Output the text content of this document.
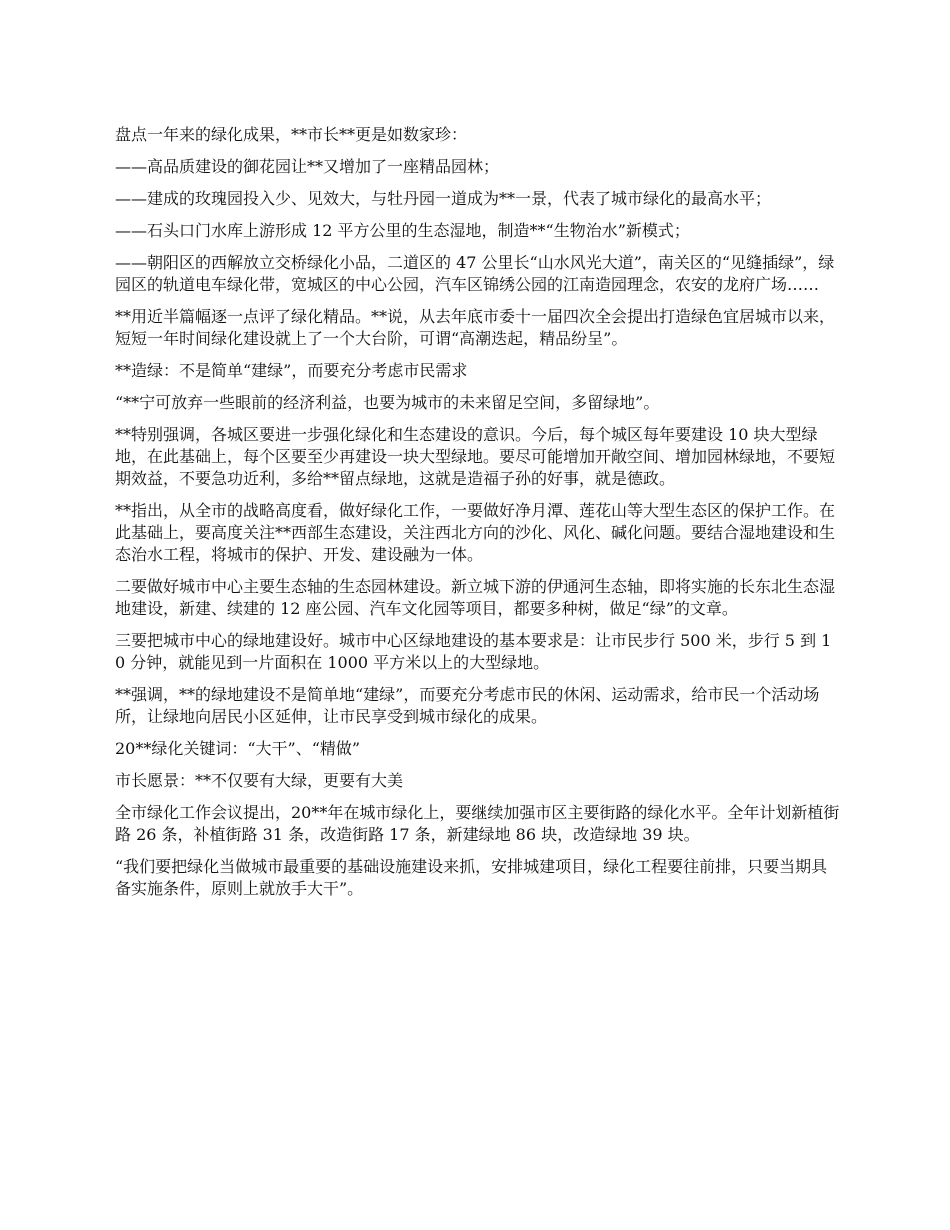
盘点一年来的绿化成果，**市长**更是如数家珍：

——高品质建设的御花园让**又增加了一座精品园林；

——建成的玫瑰园投入少、见效大，与牡丹园一道成为**一景，代表了城市绿化的最高水平；

——石头口门水库上游形成 12 平方公里的生态湿地，制造**“生物治水”新模式；

——朝阳区的西解放立交桥绿化小品，二道区的 47 公里长“山水风光大道”，南关区的“见缝插绿”，绿园区的轨道电车绿化带，宽城区的中心公园，汽车区锦绣公园的江南造园理念，农安的龙府广场……

**用近半篇幅逐一点评了绿化精品。**说，从去年底市委十一届四次全会提出打造绿色宜居城市以来，短短一年时间绿化建设就上了一个大台阶，可谓“高潮迭起，精品纷呈”。

**造绿：不是简单“建绿”，而要充分考虑市民需求

“**宁可放弃一些眼前的经济利益，也要为城市的未来留足空间，多留绿地”。

**特别强调，各城区要进一步强化绿化和生态建设的意识。今后，每个城区每年要建设 10 块大型绿地，在此基础上，每个区要至少再建设一块大型绿地。要尽可能增加开敞空间、增加园林绿地，不要短期效益，不要急功近利，多给**留点绿地，这就是造福子孙的好事，就是德政。

**指出，从全市的战略高度看，做好绿化工作，一要做好净月潭、莲花山等大型生态区的保护工作。在此基础上，要高度关注**西部生态建设，关注西北方向的沙化、风化、碱化问题。要结合湿地建设和生态治水工程，将城市的保护、开发、建设融为一体。

二要做好城市中心主要生态轴的生态园林建设。新立城下游的伊通河生态轴，即将实施的长东北生态湿地建设，新建、续建的 12 座公园、汽车文化园等项目，都要多种树，做足“绿”的文章。

三要把城市中心的绿地建设好。城市中心区绿地建设的基本要求是：让市民步行 500 米，步行 5 到 10 分钟，就能见到一片面积在 1000 平方米以上的大型绿地。

**强调，**的绿地建设不是简单地“建绿”，而要充分考虑市民的休闲、运动需求，给市民一个活动场所，让绿地向居民小区延伸，让市民享受到城市绿化的成果。

20**绿化关键词：“大干”、“精做”

市长愿景：**不仅要有大绿，更要有大美

全市绿化工作会议提出，20**年在城市绿化上，要继续加强市区主要街路的绿化水平。全年计划新植街路 26 条，补植街路 31 条，改造街路 17 条，新建绿地 86 块，改造绿地 39 块。

“我们要把绿化当做城市最重要的基础设施建设来抓，安排城建项目，绿化工程要往前排，只要当期具备实施条件，原则上就放手大干”。
